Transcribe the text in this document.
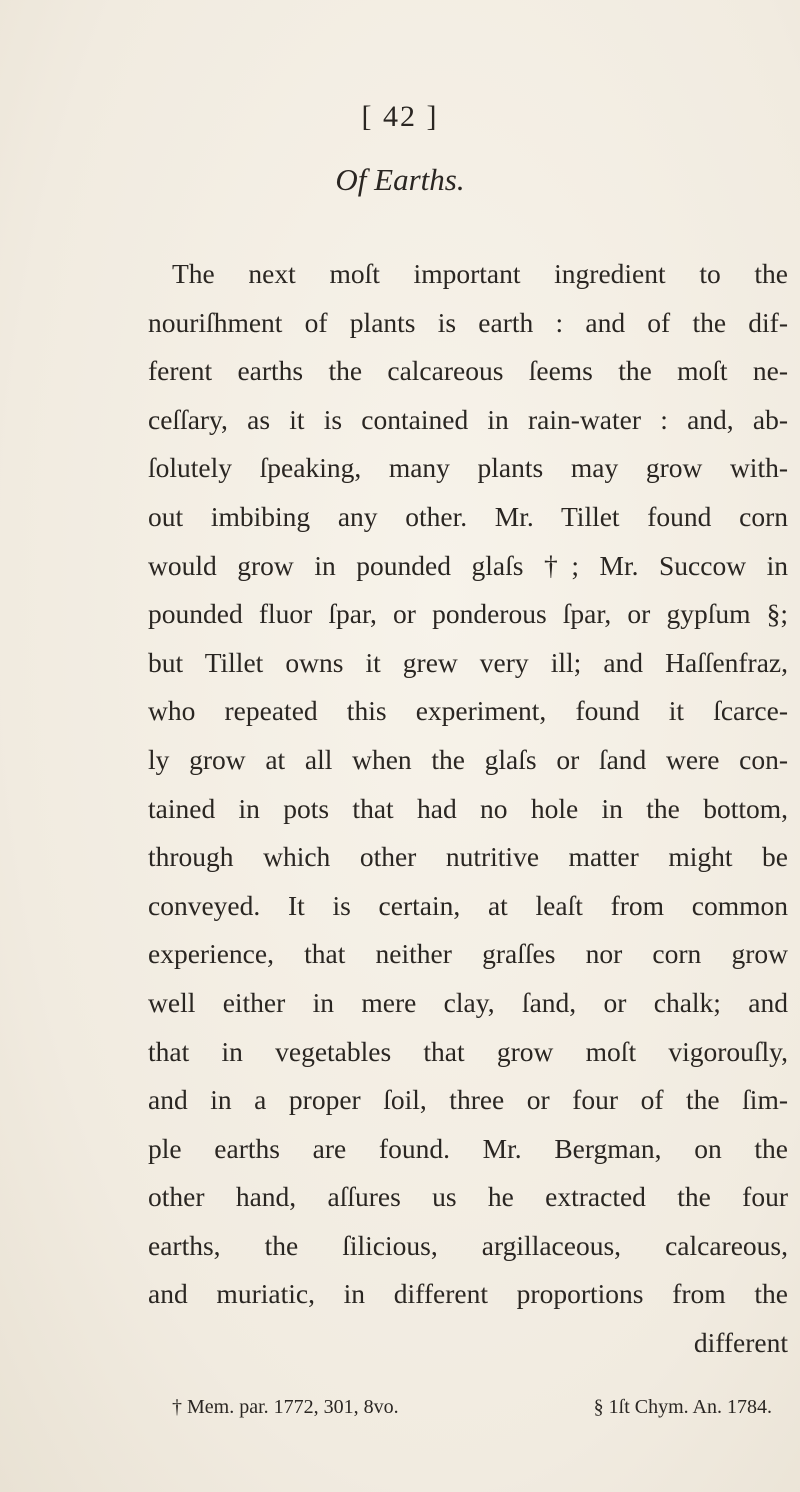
[ 42 ]
Of Earths.
The next moſt important ingredient to the
nouriſhment of plants is earth : and of the dif-
ferent earths the calcareous ſeems the moſt ne-
ceſſary, as it is contained in rain-water : and, ab-
ſolutely ſpeaking, many plants may grow with-
out imbibing any other. Mr. Tillet found corn
would grow in pounded glaſs †; Mr. Succow in
pounded fluor ſpar, or ponderous ſpar, or gypſum §;
but Tillet owns it grew very ill; and Haſſenfraz,
who repeated this experiment, found it ſcarce-
ly grow at all when the glaſs or ſand were con-
tained in pots that had no hole in the bottom,
through which other nutritive matter might be
conveyed. It is certain, at leaſt from common
experience, that neither graſſes nor corn grow
well either in mere clay, ſand, or chalk; and
that in vegetables that grow moſt vigorouſly,
and in a proper ſoil, three or four of the ſim-
ple earths are found. Mr. Bergman, on the
other hand, aſſures us he extracted the four
earths, the ſilicious, argillaceous, calcareous,
and muriatic, in different proportions from the
different
† Mem. par. 1772, 301, 8vo.	§ 1ſt Chym. An. 1784.
